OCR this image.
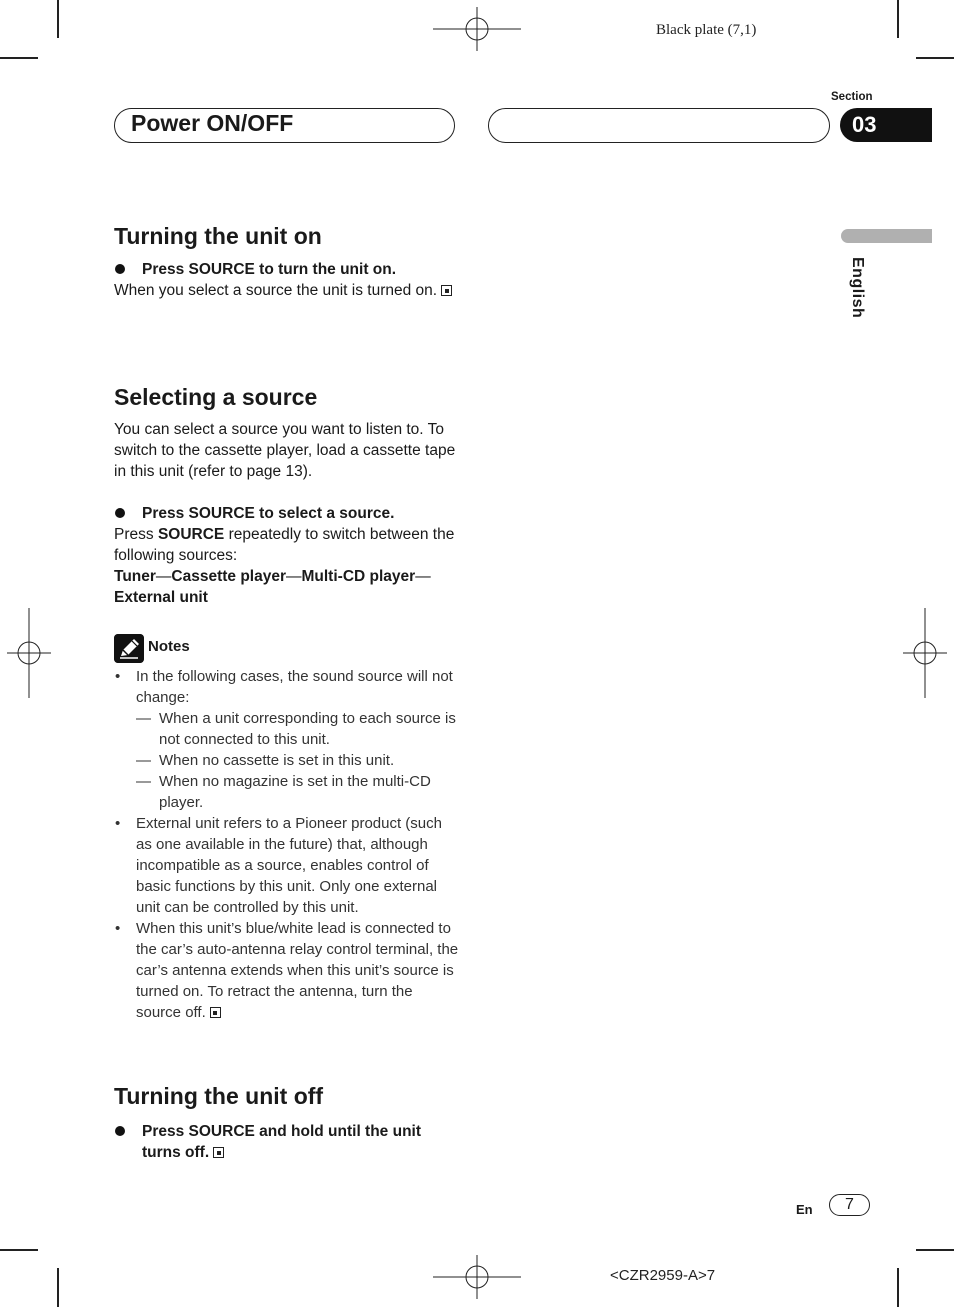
Black plate (7,1)
Power ON/OFF
Section
03
English
Turning the unit on

Press SOURCE to turn the unit on.

When you select a source the unit is turned on.

Selecting a source

You can select a source you want to listen to. To switch to the cassette player, load a cassette tape in this unit (refer to page 13).

Press SOURCE to select a source.

Press SOURCE repeatedly to switch between the following sources:

Tuner—Cassette player—Multi-CD player—
External unit

Notes
• In the following cases, the sound source will not change:
— When a unit corresponding to each source is not connected to this unit.
— When no cassette is set in this unit.
— When no magazine is set in the multi-CD player.
• External unit refers to a Pioneer product (such as one available in the future) that, although incompatible as a source, enables control of basic functions by this unit. Only one external unit can be controlled by this unit.
• When this unit’s blue/white lead is connected to the car’s auto-antenna relay control terminal, the car’s antenna extends when this unit’s source is turned on. To retract the antenna, turn the source off.
Turning the unit off

Press SOURCE and hold until the unit turns off.

En	7
<CZR2959-A>7
